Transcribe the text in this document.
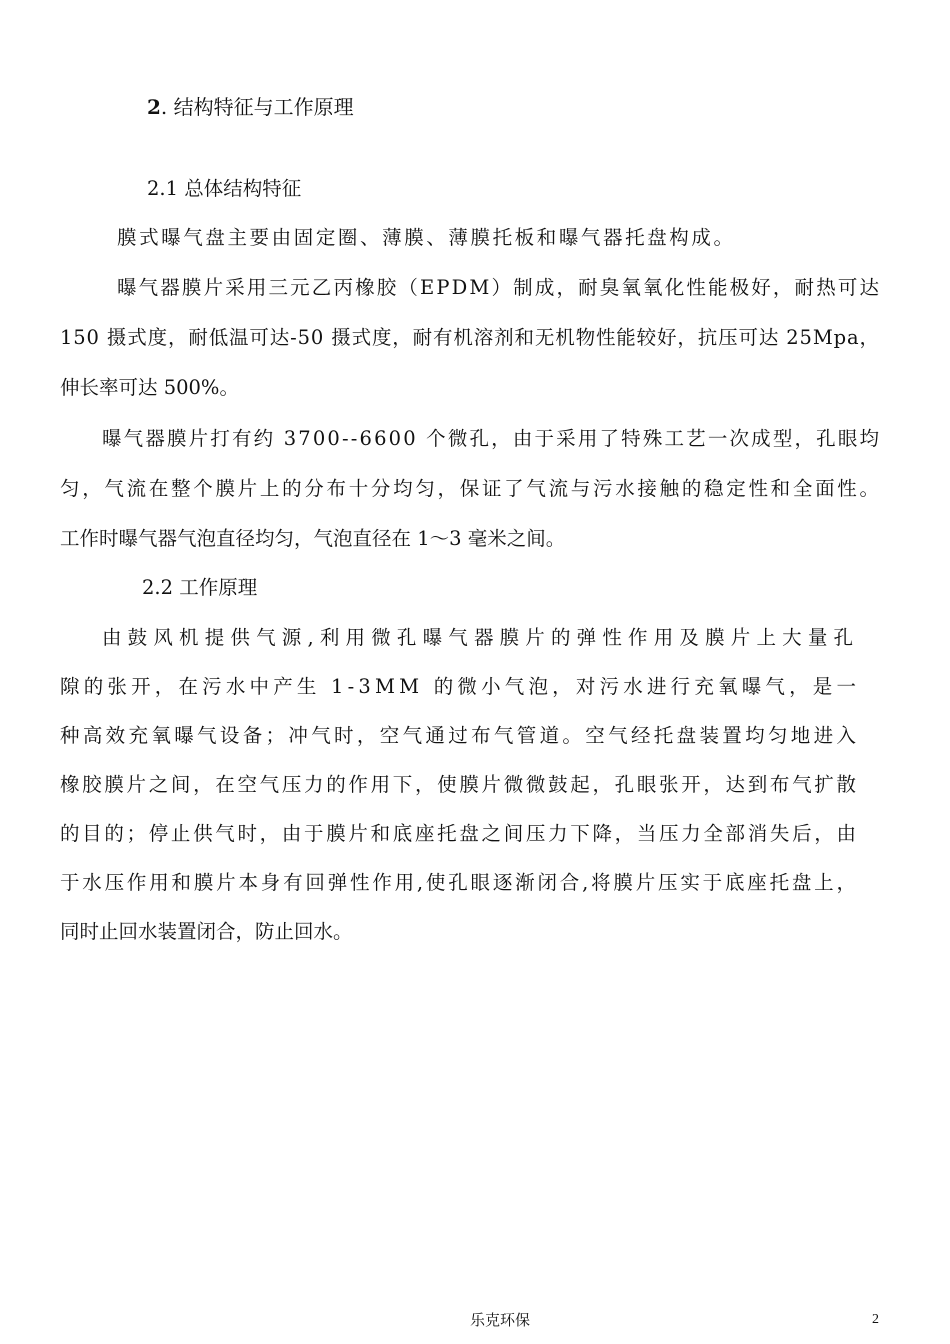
2. 结构特征与工作原理
2.1 总体结构特征
膜式曝气盘主要由固定圈、薄膜、薄膜托板和曝气器托盘构成。
曝气器膜片采用三元乙丙橡胶（EPDM）制成，耐臭氧氧化性能极好，耐热可达
150 摄式度，耐低温可达-50 摄式度，耐有机溶剂和无机物性能较好，抗压可达 25Mpa，
伸长率可达 500%。
曝气器膜片打有约 3700--6600 个微孔，由于采用了特殊工艺一次成型，孔眼均
匀，气流在整个膜片上的分布十分均匀，保证了气流与污水接触的稳定性和全面性。
工作时曝气器气泡直径均匀，气泡直径在 1～3 毫米之间。
2.2 工作原理
由鼓风机提供气源,利用微孔曝气器膜片的弹性作用及膜片上大量孔
隙的张开，在污水中产生 1-3MM 的微小气泡，对污水进行充氧曝气，是一
种高效充氧曝气设备；冲气时，空气通过布气管道。空气经托盘装置均匀地进入
橡胶膜片之间，在空气压力的作用下，使膜片微微鼓起，孔眼张开，达到布气扩散
的目的；停止供气时，由于膜片和底座托盘之间压力下降，当压力全部消失后，由
于水压作用和膜片本身有回弹性作用,使孔眼逐渐闭合,将膜片压实于底座托盘上，
同时止回水装置闭合，防止回水。
乐克环保	2
